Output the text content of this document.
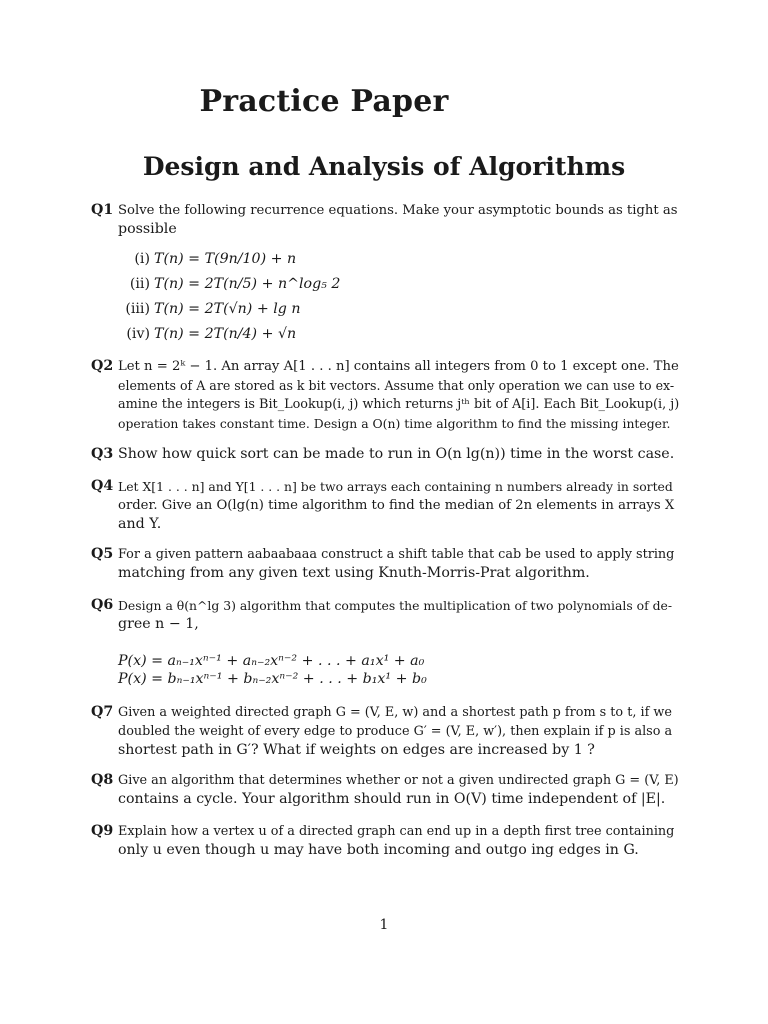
Practice Paper
Design and Analysis of Algorithms
Q1 Solve the following recurrence equations. Make your asymptotic bounds as tight as
possible
(i) T(n) = T(9n/10) + n
(ii) T(n) = 2T(n/5) + n^log₅ 2
(iii) T(n) = 2T(√n) + lg n
(iv) T(n) = 2T(n/4) + √n
Q2 Let n = 2ᵏ − 1. An array A[1 . . . n] contains all integers from 0 to 1 except one. The
elements of A are stored as k bit vectors. Assume that only operation we can use to ex-
amine the integers is Bit_Lookup(i, j) which returns jᵗʰ bit of A[i]. Each Bit_Lookup(i, j)
operation takes constant time. Design a O(n) time algorithm to find the missing integer.
Q3 Show how quick sort can be made to run in O(n lg(n)) time in the worst case.
Q4 Let X[1 . . . n] and Y[1 . . . n] be two arrays each containing n numbers already in sorted
order. Give an O(lg(n) time algorithm to find the median of 2n elements in arrays X
and Y.
Q5 For a given pattern aabaabaaa construct a shift table that cab be used to apply string
matching from any given text using Knuth-Morris-Prat algorithm.
Q6 Design a θ(n^lg 3) algorithm that computes the multiplication of two polynomials of de-
gree n − 1,
P(x) = aₙ₋₁xⁿ⁻¹ + aₙ₋₂xⁿ⁻² + . . . + a₁x¹ + a₀
P(x) = bₙ₋₁xⁿ⁻¹ + bₙ₋₂xⁿ⁻² + . . . + b₁x¹ + b₀
Q7 Given a weighted directed graph G = (V, E, w) and a shortest path p from s to t, if we
doubled the weight of every edge to produce G′ = (V, E, w′), then explain if p is also a
shortest path in G′? What if weights on edges are increased by 1 ?
Q8 Give an algorithm that determines whether or not a given undirected graph G = (V, E)
contains a cycle. Your algorithm should run in O(V) time independent of |E|.
Q9 Explain how a vertex u of a directed graph can end up in a depth first tree containing
only u even though u may have both incoming and outgo ing edges in G.
1
